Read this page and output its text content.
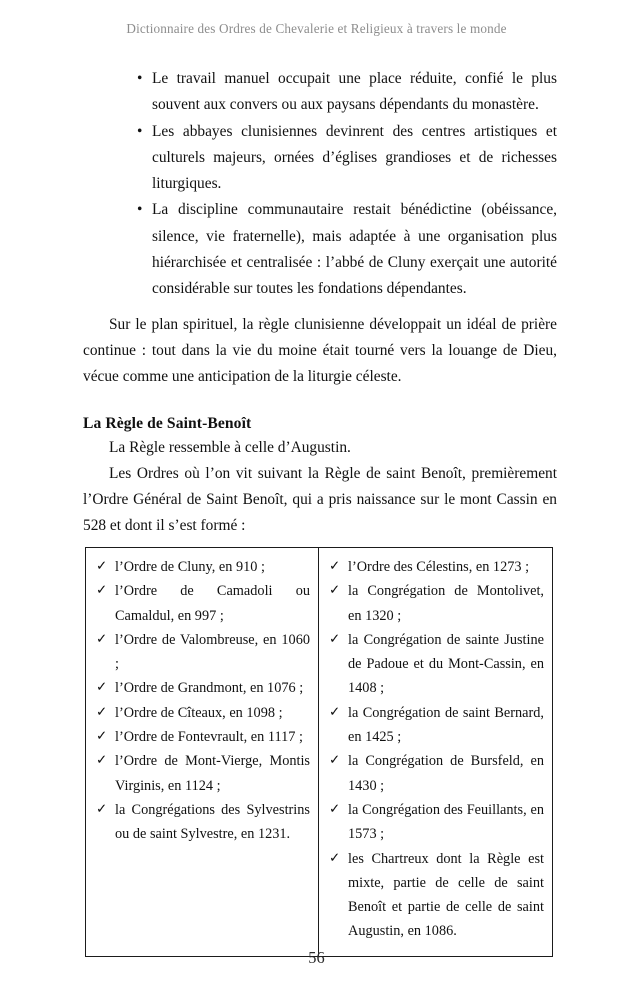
Dictionnaire des Ordres de Chevalerie et Religieux à travers le monde
• Le travail manuel occupait une place réduite, confié le plus souvent aux convers ou aux paysans dépendants du monastère.
• Les abbayes clunisiennes devinrent des centres artistiques et culturels majeurs, ornées d’églises grandioses et de richesses liturgiques.
• La discipline communautaire restait bénédictine (obéissance, silence, vie fraternelle), mais adaptée à une organisation plus hiérarchisée et centralisée : l’abbé de Cluny exerçait une autorité considérable sur toutes les fondations dépendantes.

Sur le plan spirituel, la règle clunisienne développait un idéal de prière continue : tout dans la vie du moine était tourné vers la louange de Dieu, vécue comme une anticipation de la liturgie céleste.

La Règle de Saint-Benoît

La Règle ressemble à celle d’Augustin.

Les Ordres où l’on vit suivant la Règle de saint Benoît, premièrement l’Ordre Général de Saint Benoît, qui a pris naissance sur le mont Cassin en 528 et dont il s’est formé :

✓ l’Ordre de Cluny, en 910 ;
✓ l’Ordre de Camadoli ou Camaldul, en 997 ;
✓ l’Ordre de Valombreuse, en 1060 ;
✓ l’Ordre de Grandmont, en 1076 ;
✓ l’Ordre de Cîteaux, en 1098 ;
✓ l’Ordre de Fontevrault, en 1117 ;
✓ l’Ordre de Mont-Vierge, Montis Virginis, en 1124 ;
✓ la Congrégations des Sylvestrins ou de saint Sylvestre, en 1231.
✓ l’Ordre des Célestins, en 1273 ;
✓ la Congrégation de Montolivet, en 1320 ;
✓ la Congrégation de sainte Justine de Padoue et du Mont-Cassin, en 1408 ;
✓ la Congrégation de saint Bernard, en 1425 ;
✓ la Congrégation de Bursfeld, en 1430 ;
✓ la Congrégation des Feuillants, en 1573 ;
✓ les Chartreux dont la Règle est mixte, partie de celle de saint Benoît et partie de celle de saint Augustin, en 1086.
56
